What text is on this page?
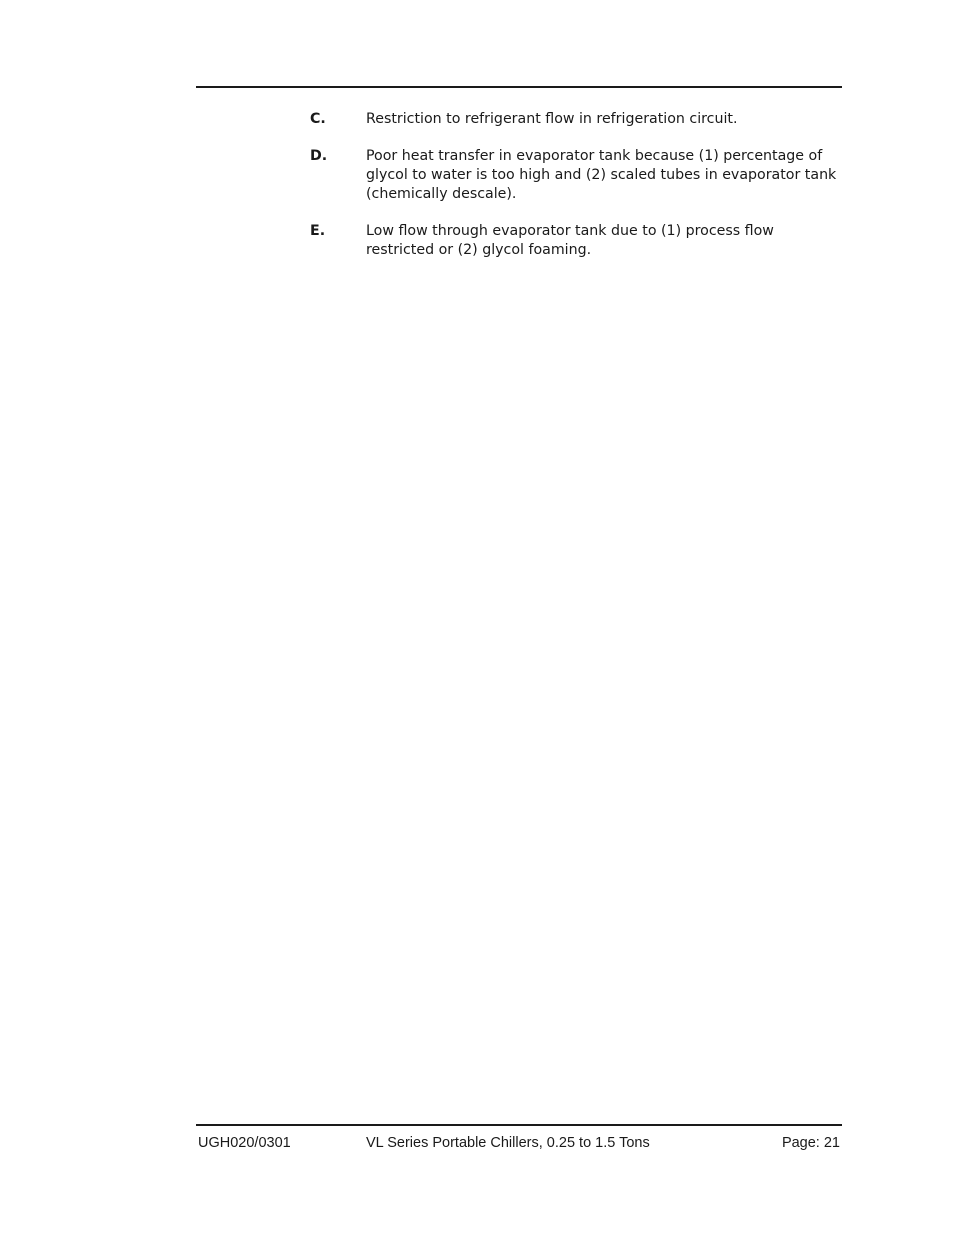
C.	Restriction to refrigerant flow in refrigeration circuit.
D.	Poor heat transfer in evaporator tank because (1) percentage of glycol to water is too high and (2) scaled tubes in evaporator tank (chemically descale).
E.	Low flow through evaporator tank due to (1) process flow restricted or (2) glycol foaming.
UGH020/0301	VL Series Portable Chillers, 0.25 to 1.5 Tons	Page: 21
